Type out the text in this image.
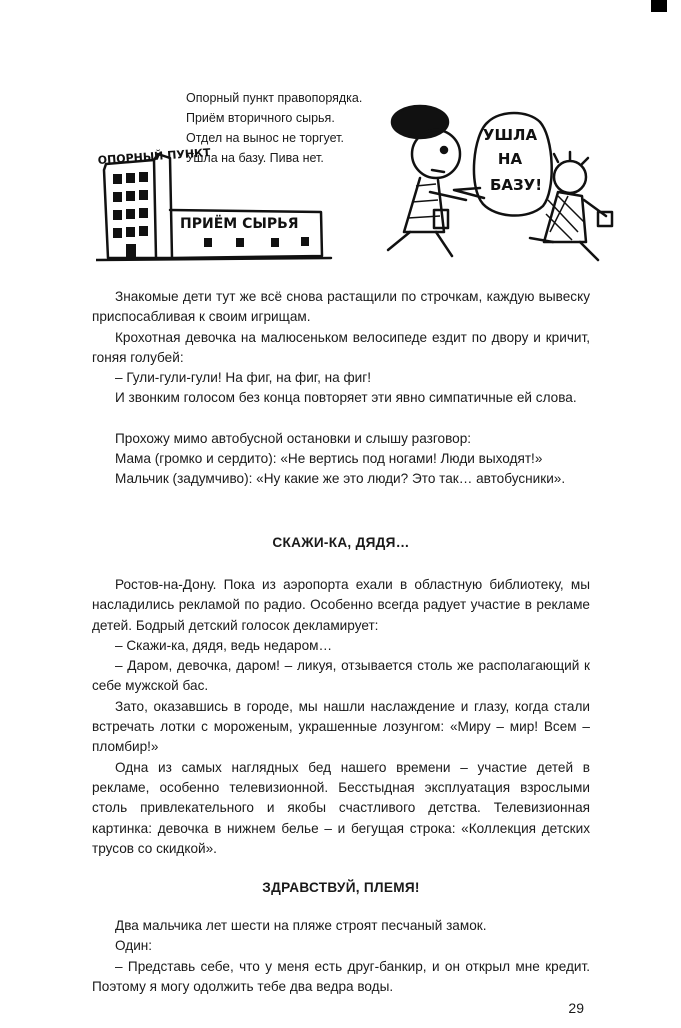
Опорный пункт правопорядка.
Приём вторичного сырья.
Отдел на вынос не торгует.
Ушла на базу. Пива нет.
ОПОРНЫЙ ПУНКТ
ПРИЁМ СЫРЬЯ
УШЛА
НА
БАЗУ!
Знакомые дети тут же всё снова растащили по строчкам, каждую вывеску приспосабливая к своим игрищам.
Крохотная девочка на малюсеньком велосипеде ездит по двору и кричит, гоняя голубей:
– Гули-гули-гули! На фиг, на фиг, на фиг!
И звонким голосом без конца повторяет эти явно симпатичные ей слова.
Прохожу мимо автобусной остановки и слышу разговор:
Мама (громко и сердито): «Не вертись под ногами! Люди выходят!»
Мальчик (задумчиво): «Ну какие же это люди? Это так… автобусники».
СКАЖИ-КА, ДЯДЯ…
Ростов-на-Дону. Пока из аэропорта ехали в областную библиотеку, мы насладились рекламой по радио. Особенно всегда радует участие в рекламе детей. Бодрый детский голосок декламирует:
– Скажи-ка, дядя, ведь недаром…
– Даром, девочка, даром! – ликуя, отзывается столь же располагающий к себе мужской бас.
Зато, оказавшись в городе, мы нашли наслаждение и глазу, когда стали встречать лотки с мороженым, украшенные лозунгом: «Миру – мир! Всем – пломбир!»
Одна из самых наглядных бед нашего времени – участие детей в рекламе, особенно телевизионной. Бесстыдная эксплуатация взрослыми столь привлекательного и якобы счастливого детства. Телевизионная картинка: девочка в нижнем белье – и бегущая строка: «Коллекция детских трусов со скидкой».
ЗДРАВСТВУЙ, ПЛЕМЯ!
Два мальчика лет шести на пляже строят песчаный замок.
Один:
– Представь себе, что у меня есть друг-банкир, и он открыл мне кредит. Поэтому я могу одолжить тебе два ведра воды.
29
